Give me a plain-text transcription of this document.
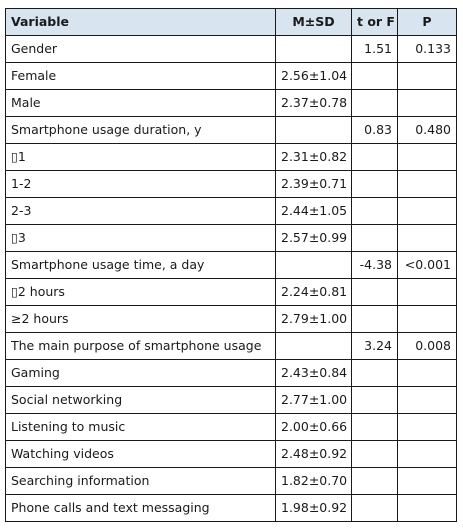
Variable	M±SD	t or F	P
Gender		1.51	0.133
Female	2.56±1.04		
Male	2.37±0.78		
Smartphone usage duration, y		0.83	0.480
▯1	2.31±0.82		
1-2	2.39±0.71		
2-3	2.44±1.05		
▯3	2.57±0.99		
Smartphone usage time, a day		-4.38	<0.001
▯2 hours	2.24±0.81		
≥2 hours	2.79±1.00		
The main purpose of smartphone usage		3.24	0.008
Gaming	2.43±0.84		
Social networking	2.77±1.00		
Listening to music	2.00±0.66		
Watching videos	2.48±0.92		
Searching information	1.82±0.70		
Phone calls and text messaging	1.98±0.92		
